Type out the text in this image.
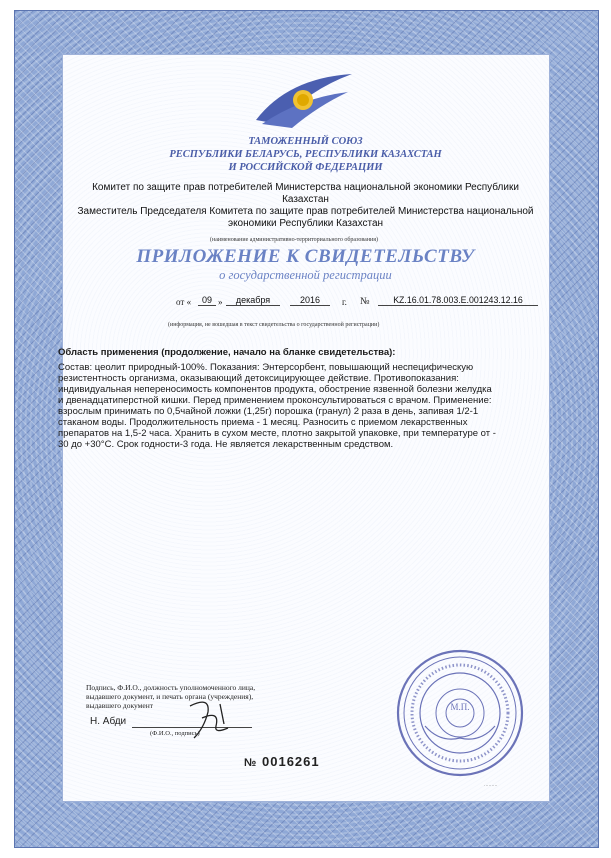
ТАМОЖЕННЫЙ СОЮЗ
РЕСПУБЛИКИ БЕЛАРУСЬ, РЕСПУБЛИКИ КАЗАХСТАН
И РОССИЙСКОЙ ФЕДЕРАЦИИ
Комитет по защите прав потребителей Министерства национальной экономики Республики
Казахстан
Заместитель Председателя Комитета по защите прав потребителей Министерства национальной
экономики Республики Казахстан
(наименование административно-территориального образования)
ПРИЛОЖЕНИЕ К СВИДЕТЕЛЬСТВУ
о государственной регистрации
от «	09 »	декабря	2016	г. №	KZ.16.01.78.003.E.001243.12.16
(информация, не вошедшая в текст свидетельства о государственной регистрации)
Область применения (продолжение, начало на бланке свидетельства):
Состав: цеолит природный-100%. Показания: Энтерсорбент, повышающий неспецифическую
резистентность организма, оказывающий детоксицирующее действие. Противопоказания:
индивидуальная непереносимость компонентов продукта, обострение язвенной болезни желудка
и двенадцатиперстной кишки. Перед применением проконсультироваться с врачом. Применение:
взрослым принимать по 0,5чайной ложки (1,25г) порошка (гранул) 2 раза в день, запивая 1/2-1
стаканом воды. Продолжительность приема - 1 месяц. Разносить с приемом лекарственных
препаратов на 1,5-2 часа. Хранить в сухом месте, плотно закрытой упаковке, при температуре от -
30 до +30°С. Срок годности-3 года. Не является лекарственным средством.
Подпись, Ф.И.О., должность уполномоченного лица,
выдавшего документ, и печать органа (учреждения),
выдавшего документ
Н. Абди
(Ф.И.О., подпись)
№ 0016261
М.П.
·········
